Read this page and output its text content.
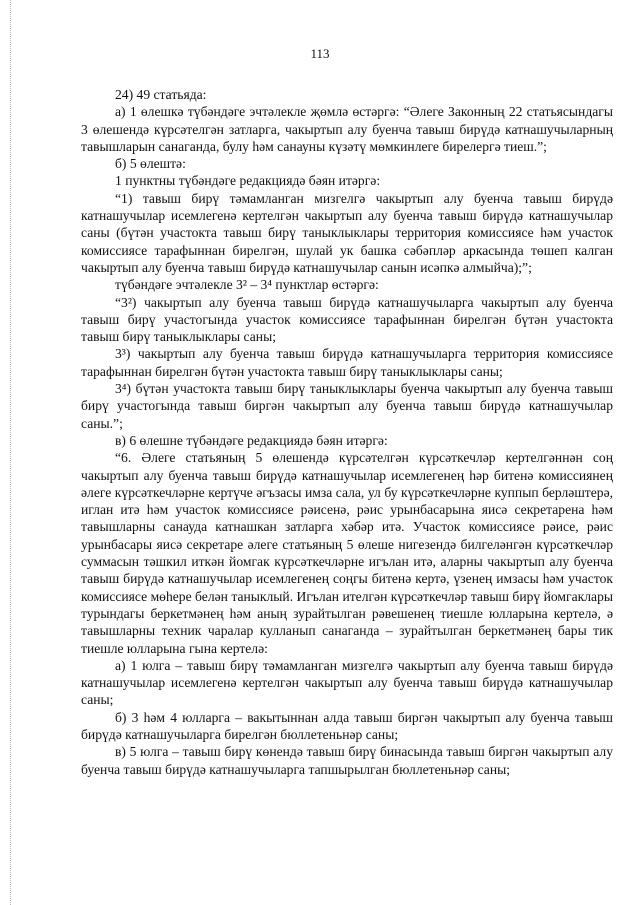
113

24) 49 статьяда:

а) 1 өлешкә түбәндәге эчтәлекле җөмлә өстәргә: “Әлеге Законның 22 статьясындагы 3 өлешендә күрсәтелгән затларга, чакыртып алу буенча тавыш бирүдә катнашучыларның тавышларын санаганда, булу һәм санауны күзәтү мөмкинлеге бирелергә тиеш.”;

б) 5 өлештә:

1 пунктны түбәндәге редакциядә бәян итәргә:

“1) тавыш бирү тәмамланган мизгелгә чакыртып алу буенча тавыш бирүдә катнашучылар исемлегенә кертелгән чакыртып алу буенча тавыш бирүдә катнашучылар саны (бүтән участокта тавыш бирү таныклыклары территория комиссиясе һәм участок комиссиясе тарафыннан бирелгән, шулай ук башка сәбәпләр аркасында төшеп калган чакыртып алу буенча тавыш бирүдә катнашучылар санын исәпкә алмыйча);”;

түбәндәге эчтәлекле 3² – 3⁴ пунктлар өстәргә:

“3²) чакыртып алу буенча тавыш бирүдә катнашучыларга чакыртып алу буенча тавыш бирү участогында участок комиссиясе тарафыннан бирелгән бүтән участокта тавыш бирү таныклыклары саны;

3³) чакыртып алу буенча тавыш бирүдә катнашучыларга территория комиссиясе тарафыннан бирелгән бүтән участокта тавыш бирү таныклыклары саны;

3⁴) бүтән участокта тавыш бирү таныклыклары буенча чакыртып алу буенча тавыш бирү участогында тавыш биргән чакыртып алу буенча тавыш бирүдә катнашучылар саны.”;

в) 6 өлешне түбәндәге редакциядә бәян итәргә:

“6. Әлеге статьяның 5 өлешендә күрсәтелгән күрсәткечләр кертелгәннән соң чакыртып алу буенча тавыш бирүдә катнашучылар исемлегенең һәр битенә комиссиянең әлеге күрсәткечләрне кертүче әгъзасы имза сала, ул бу күрсәткечләрне куппып берләштерә, иглан итә һәм участок комиссиясе рәисенә, рәис урынбасарына яисә секретарена һәм тавышларны санауда катнашкан затларга хәбәр итә. Участок комиссиясе рәисе, рәис урынбасары яисә секретаре әлеге статьяның 5 өлеше нигезендә билгеләнгән күрсәткечләр суммасын тәшкил иткән йомгак күрсәткечләрне игълан итә, аларны чакыртып алу буенча тавыш бирүдә катнашучылар исемлегенең соңгы битенә кертә, үзенең имзасы һәм участок комиссиясе мөһере белән таныклый. Игълан ителгән күрсәткечләр тавыш бирү йомгаклары турындагы беркетмәнең һәм аның зурайтылган рәвешенең тиешле юлларына кертелә, ә тавышларны техник чаралар кулланып санаганда – зурайтылган беркетмәнең бары тик тиешле юлларына гына кертелә:

а) 1 юлга – тавыш бирү тәмамланган мизгелгә чакыртып алу буенча тавыш бирүдә катнашучылар исемлегенә кертелгән чакыртып алу буенча тавыш бирүдә катнашучылар саны;

б) 3 һәм 4 юлларга – вакытыннан алда тавыш биргән чакыртып алу буенча тавыш бирүдә катнашучыларга бирелгән бюллетеньнәр саны;

в) 5 юлга – тавыш бирү көнендә тавыш бирү бинасында тавыш биргән чакыртып алу буенча тавыш бирүдә катнашучыларга тапшырылган бюллетеньнәр саны;
